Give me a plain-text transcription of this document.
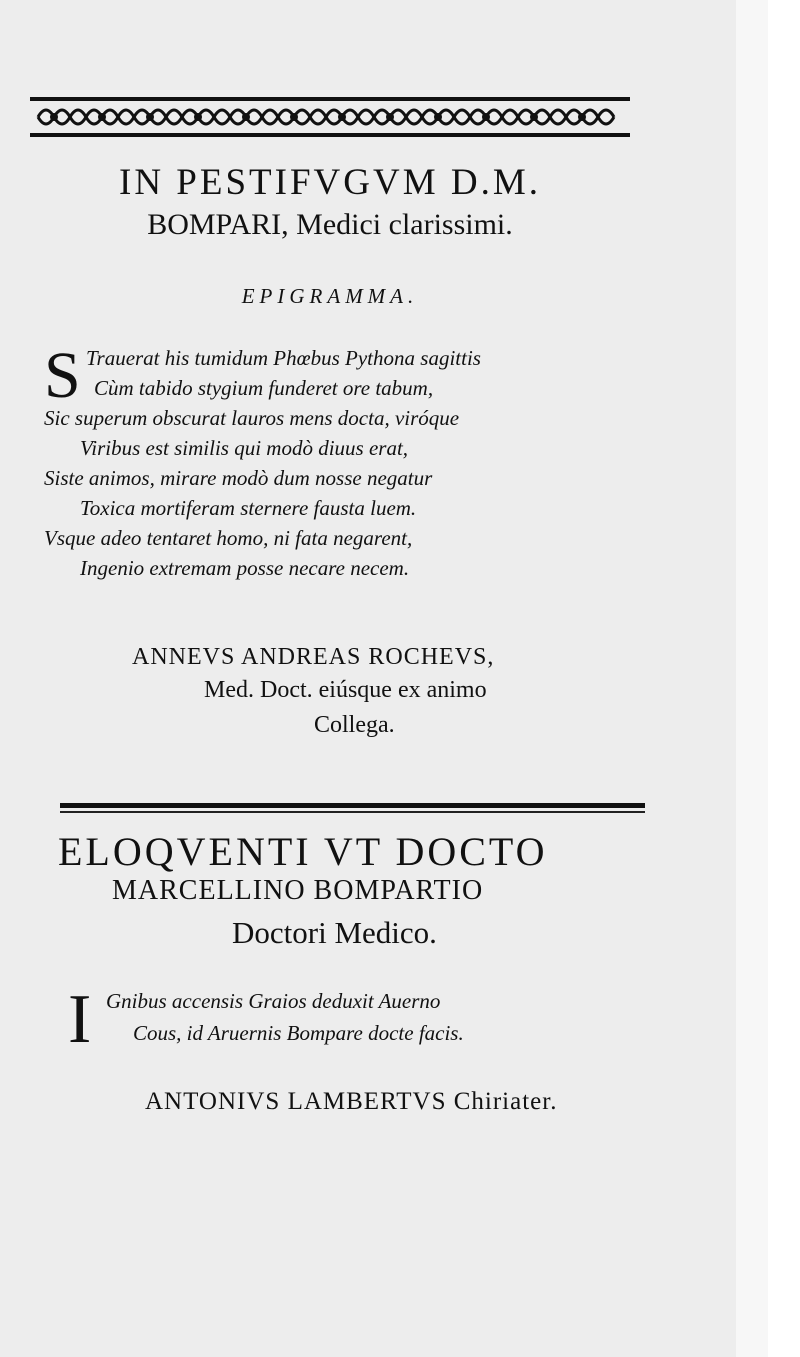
IN PESTIFVGVM D.M.
BOMPARI, Medici clarissimi.
EPIGRAMMA.
S Trauerat his tumidum Phœbus Pythona sagittis
Cùm tabido stygium funderet ore tabum,
Sic superum obscurat lauros mens docta, viróque
Viribus est similis qui modò diuus erat,
Siste animos, mirare modò dum nosse negatur
Toxica mortiferam sternere fausta luem.
Vsque adeo tentaret homo, ni fata negarent,
Ingenio extremam posse necare necem.
ANNEVS ANDREAS ROCHEVS,
Med. Doct. eiúsque ex animo
Collega.
ELOQVENTI VT DOCTO
MARCELLINO BOMPARTIO
Doctori Medico.
I Gnibus accensis Graios deduxit Auerno
Cous, id Aruernis Bompare docte facis.
ANTONIVS LAMBERTVS Chiriater.
